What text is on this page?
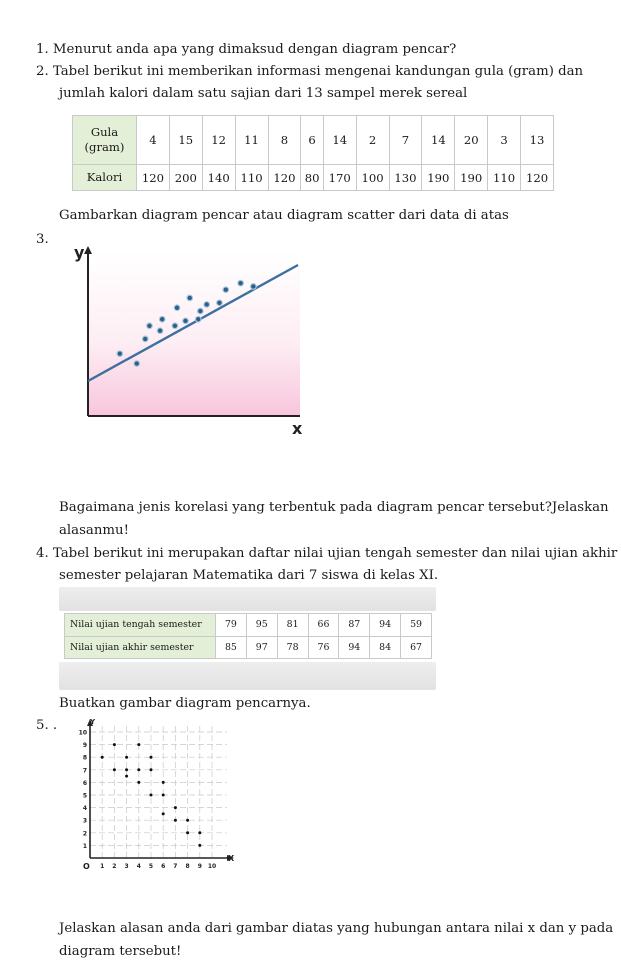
1. Menurut anda apa yang dimaksud dengan diagram pencar?
2. Tabel berikut ini memberikan informasi mengenai kandungan gula (gram) dan
jumlah kalori dalam satu sajian dari 13 sampel merek sereal
Gula (gram)	4	15	12	11	8	6	14	2	7	14	20	3	13
Kalori	120	200	140	110	120	80	170	100	130	190	190	110	120
Gambarkan diagram pencar atau diagram scatter dari data di atas
3.
y
x
Bagaimana jenis korelasi yang terbentuk pada diagram pencar tersebut?Jelaskan
alasanmu!
4. Tabel berikut ini merupakan daftar nilai ujian tengah semester dan nilai ujian akhir
semester pelajaran Matematika dari 7 siswa di kelas XI.
Nilai ujian tengah semester	79	95	81	66	87	94	59
Nilai ujian akhir semester	85	97	78	76	94	84	67
Buatkan gambar diagram pencarnya.
5. .	Y
X
O
10
9
8
7
6
5
4
3
2
1
1 2 3 4 5 6 7 8 9 10
Jelaskan alasan anda dari gambar diatas yang hubungan antara nilai x dan y pada
diagram tersebut!
